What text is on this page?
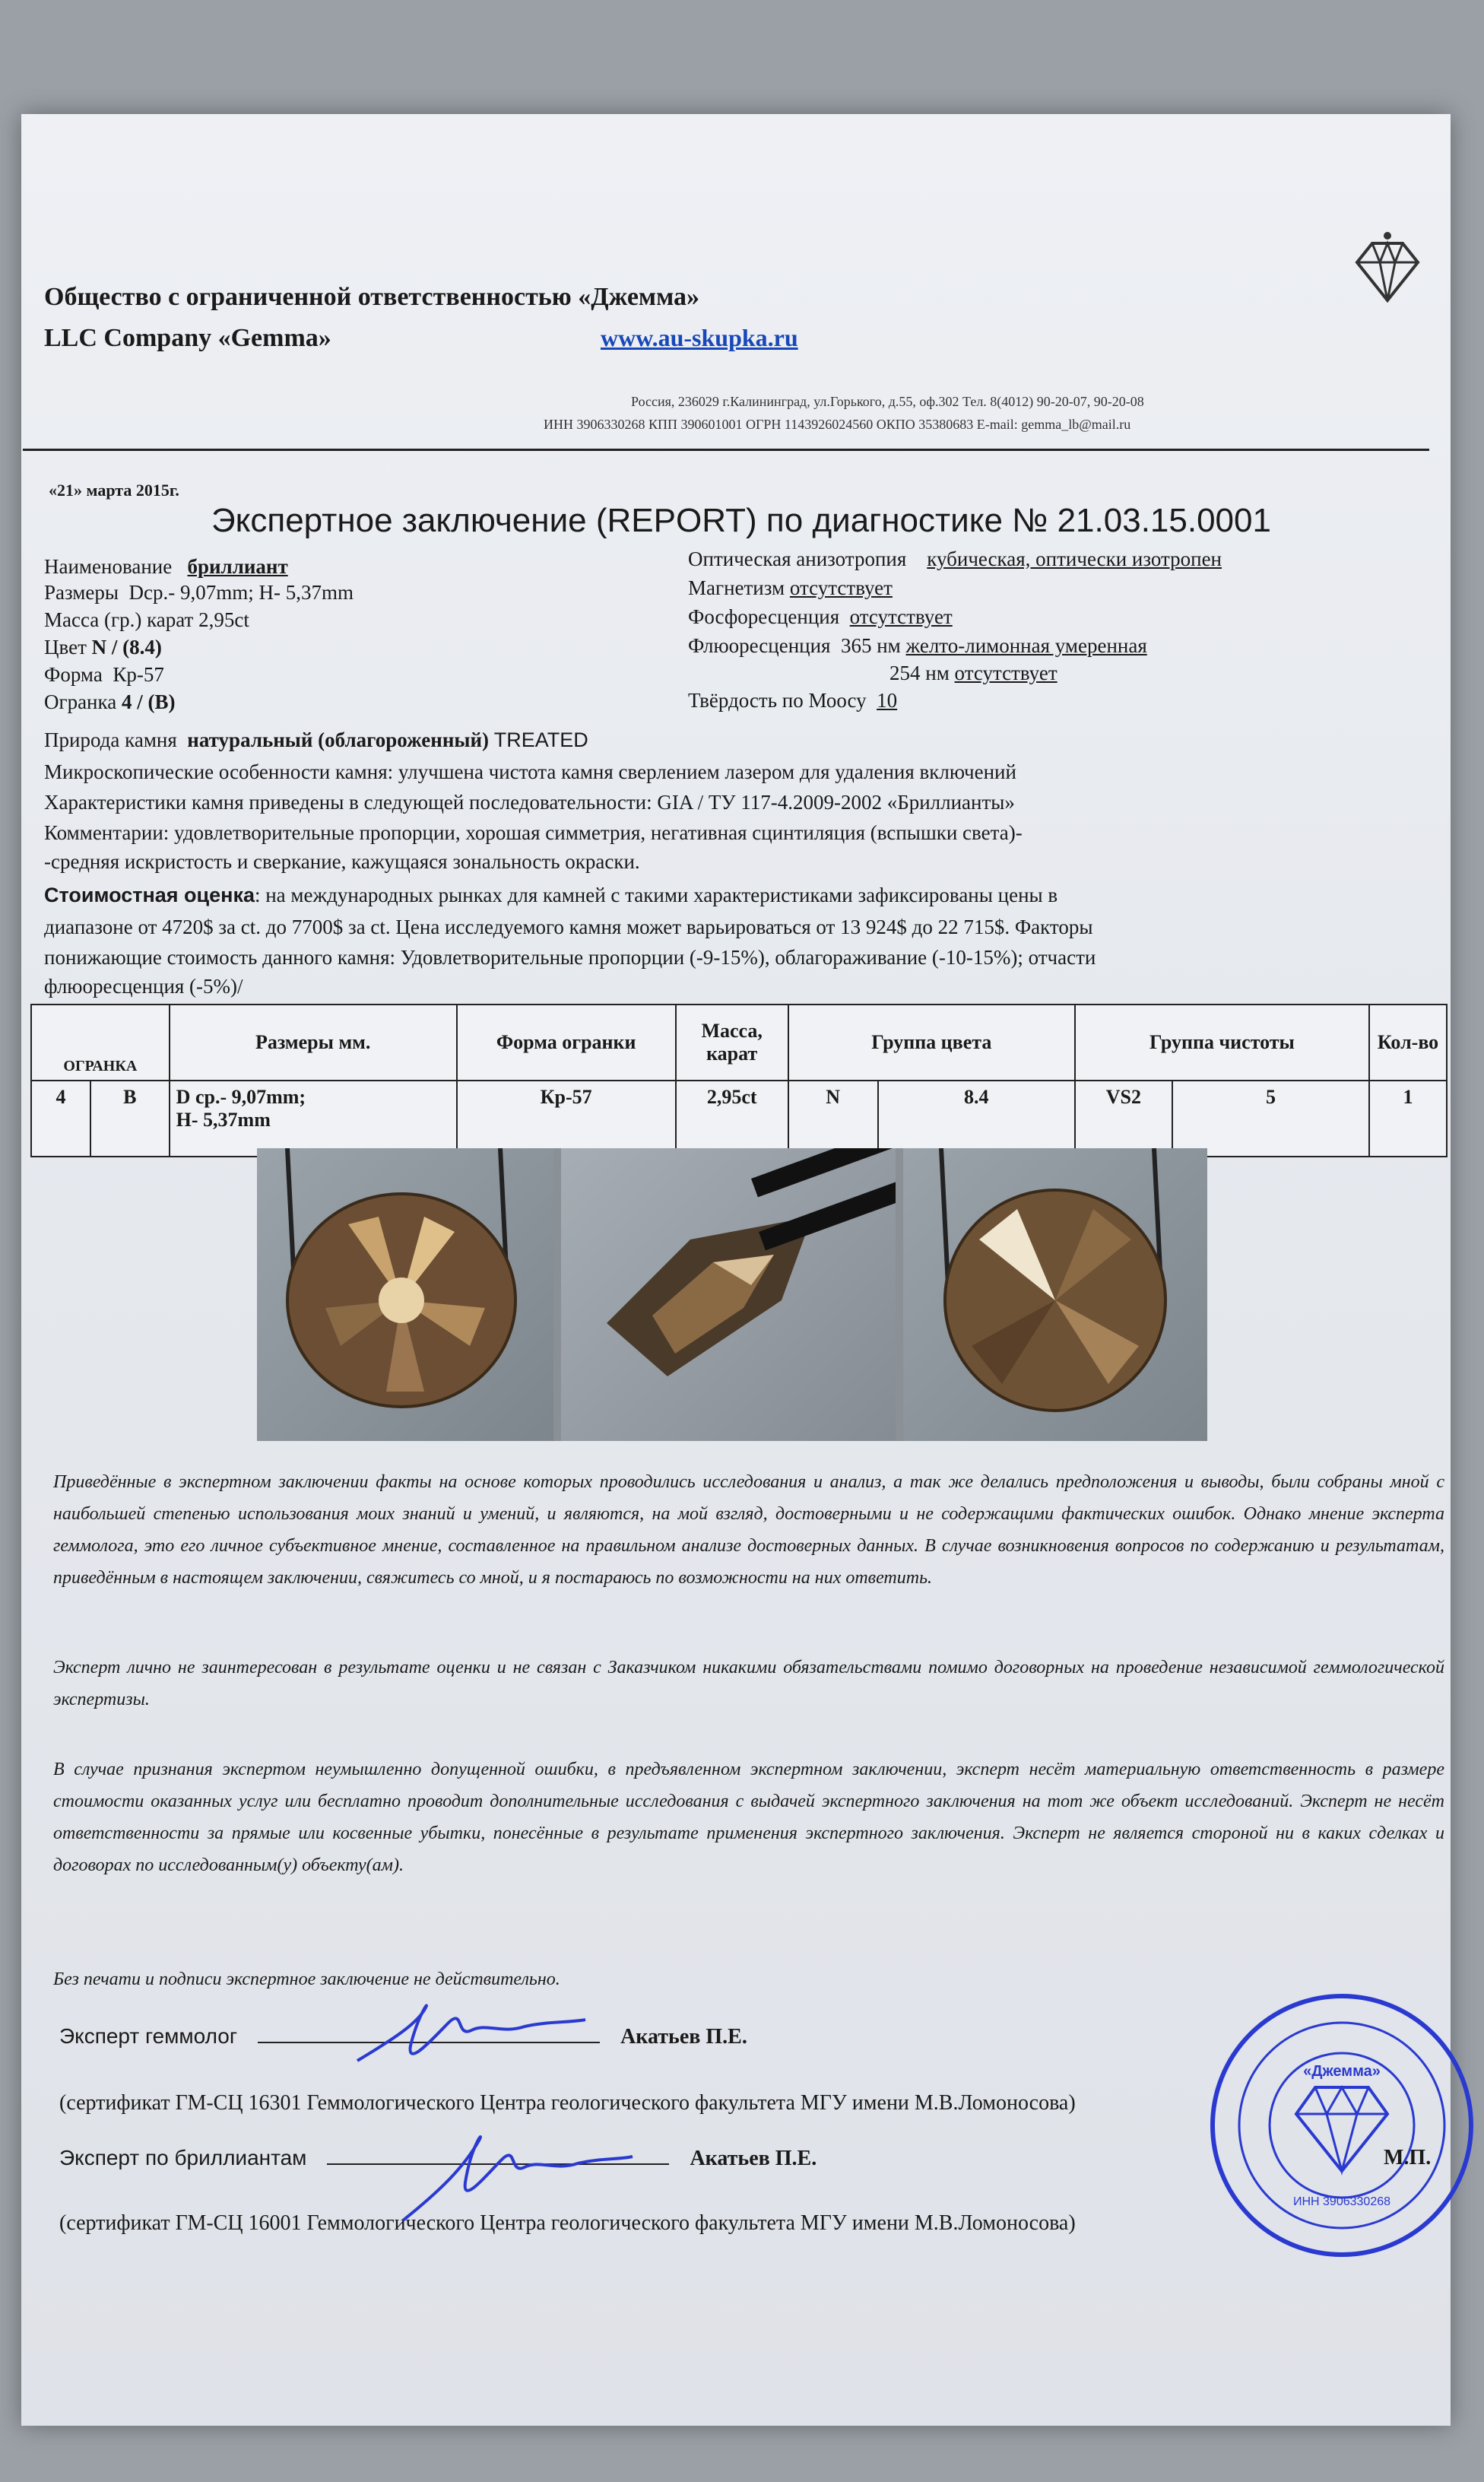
Общество с ограниченной ответственностью «Джемма»
LLC Company «Gemma»	www.au-skupka.ru
Россия, 236029 г.Калининград, ул.Горького, д.55, оф.302 Тел. 8(4012) 90-20-07, 90-20-08
ИНН 3906330268 КПП 390601001 ОГРН 1143926024560 ОКПО 35380683 E-mail: gemma_lb@mail.ru
«21» марта 2015г.
Экспертное заключение (REPORT) по диагностике № 21.03.15.0001
Наименование бриллиант
Размеры Dср.- 9,07mm; H- 5,37mm
Масса (гр.) карат 2,95ct
Цвет N / (8.4)
Форма Кр-57
Огранка 4 / (B)
Оптическая анизотропия кубическая, оптически изотропен
Магнетизм отсутствует
Фосфоресценция отсутствует
Флюоресценция 365 нм желто-лимонная умеренная
254 нм отсутствует
Твёрдость по Моосу 10
Природа камня натуральный (облагороженный) TREATED
Микроскопические особенности камня: улучшена чистота камня сверлением лазером для удаления включений
Характеристики камня приведены в следующей последовательности: GIA / ТУ 117-4.2009-2002 «Бриллианты»
Комментарии: удовлетворительные пропорции, хорошая симметрия, негативная сцинтиляция (вспышки света)-
-средняя искристость и сверкание, кажущаяся зональность окраски.
Стоимостная оценка: на международных рынках для камней с такими характеристиками зафиксированы цены в
диапазоне от 4720$ за ct. до 7700$ за ct. Цена исследуемого камня может варьироваться от 13 924$ до 22 715$. Факторы
понижающие стоимость данного камня: Удовлетворительные пропорции (-9-15%), облагораживание (-10-15%); отчасти
флюоресценция (-5%)/
ОГРАНКА		Размеры мм.	Форма огранки	Масса, карат	Группа цвета		Группа чистоты		Кол-во
4	B	D ср.- 9,07mm;
H- 5,37mm	Кр-57	2,95ct	N	8.4	VS2	5	1
Приведённые в экспертном заключении факты на основе которых проводились исследования и анализ, а так же делались предположения и выводы, были собраны мной с наибольшей степенью использования моих знаний и умений, и являются, на мой взгляд, достоверными и не содержащими фактических ошибок. Однако мнение эксперта геммолога, это его личное субъективное мнение, составленное на правильном анализе достоверных данных. В случае возникновения вопросов по содержанию и результатам, приведённым в настоящем заключении, свяжитесь со мной, и я постараюсь по возможности на них ответить.
Эксперт лично не заинтересован в результате оценки и не связан с Заказчиком никакими обязательствами помимо договорных на проведение независимой геммологической экспертизы.
В случае признания экспертом неумышленно допущенной ошибки, в предъявленном экспертном заключении, эксперт несёт материальную ответственность в размере стоимости оказанных услуг или бесплатно проводит дополнительные исследования с выдачей экспертного заключения на тот же объект исследований. Эксперт не несёт ответственности за прямые или косвенные убытки, понесённые в результате применения экспертного заключения. Эксперт не является стороной ни в каких сделках и договорах по исследованным(у) объекту(ам).
Без печати и подписи экспертное заключение не действительно.
Эксперт геммолог	Акатьев П.Е.
(сертификат ГМ-СЦ 16301 Геммологического Центра геологического факультета МГУ имени М.В.Ломоносова)
Эксперт по бриллиантам	Акатьев П.Е.
(сертификат ГМ-СЦ 16001 Геммологического Центра геологического факультета МГУ имени М.В.Ломоносова)
М.П.
«Джемма»
ИНН 3906330268
